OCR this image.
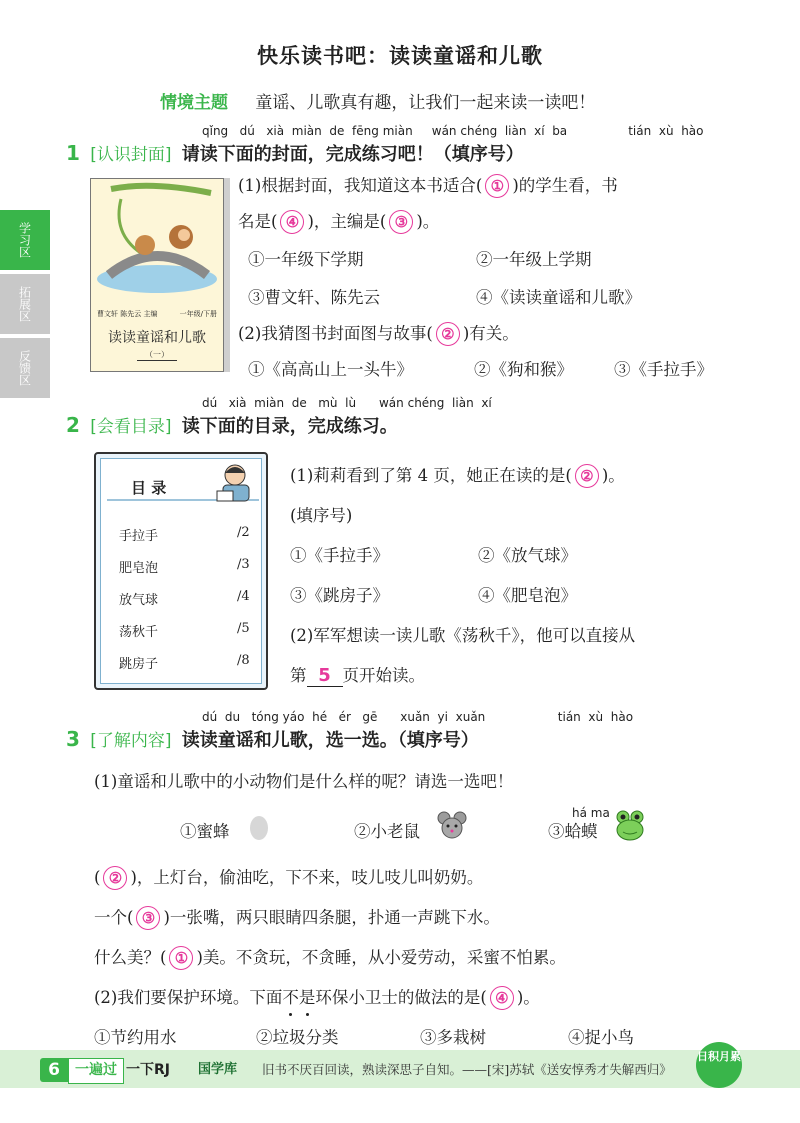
快乐读书吧：读读童谣和儿歌
情境主题 童谣、儿歌真有趣，让我们一起来读一读吧！
学习区
拓展区
反馈区
qǐng dú xià miàn de fēng miàn wán chéng liàn xí ba	tián xù hào
1 [认识封面] 请读下面的封面，完成练习吧！（填序号）
曹文轩 陈先云 主编	一年级/下册
读读童谣和儿歌
（一）
(1)根据封面，我知道这本书适合( ① )的学生看，书
名是( ④ )，主编是( ③ )。
①一年级下学期	②一年级上学期
③曹文轩、陈先云	④《读读童谣和儿歌》
(2)我猜图书封面图与故事( ② )有关。
①《高高山上一头牛》	②《狗和猴》 ③《手拉手》
dú xià miàn de mù lù wán chéng liàn xí
2 [会看目录] 读下面的目录，完成练习。
目 录
手拉手	/2
肥皂泡	/3
放气球	/4
荡秋千	/5
跳房子	/8
(1)莉莉看到了第 4 页，她正在读的是( ② )。
(填序号)
①《手拉手》	②《放气球》
③《跳房子》	④《肥皂泡》
(2)军军想读一读儿歌《荡秋千》，他可以直接从
第 5 页开始读。
dú du tóng yáo hé ér gē xuǎn yi xuǎn	tián xù hào
3 [了解内容] 读读童谣和儿歌，选一选。（填序号）
(1)童谣和儿歌中的小动物们是什么样的呢？请选一选吧！
①蜜蜂	②小老鼠
há ma
③蛤蟆
( ② )，上灯台，偷油吃，下不来，吱儿吱儿叫奶奶。
一个( ③ )一张嘴，两只眼睛四条腿，扑通一声跳下水。
什么美？( ① )美。不贪玩，不贪睡，从小爱劳动，采蜜不怕累。
(2)我们要保护环境。下面不是环保小卫士的做法的是( ④ )。
①节约用水	②垃圾分类	③多栽树	④捉小鸟
6	一遍过 一下RJ 国学库 旧书不厌百回读，熟读深思子自知。——[宋]苏轼《送安惇秀才失解西归》
日积月累
